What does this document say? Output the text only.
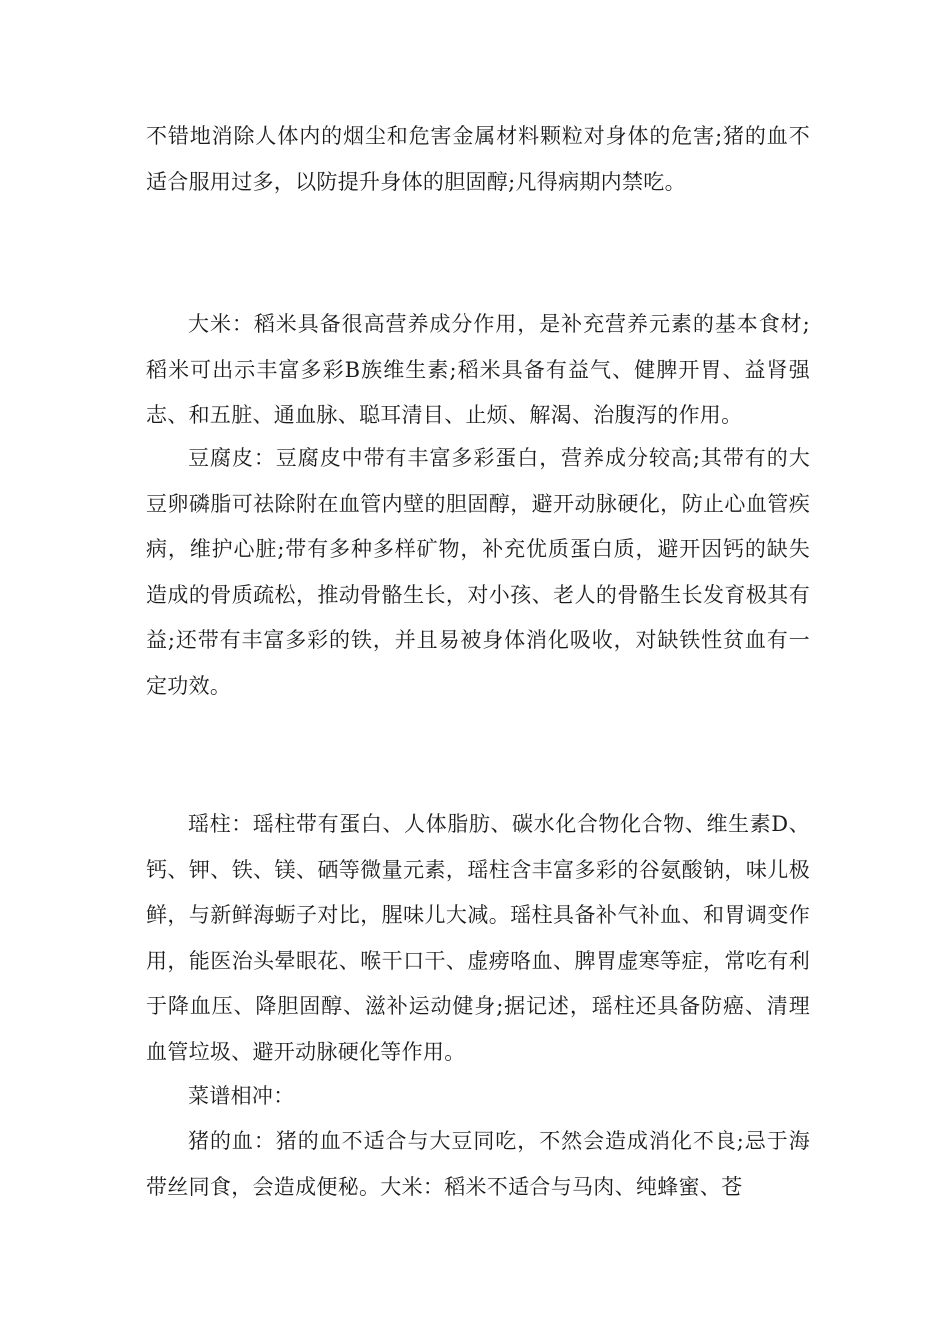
不错地消除人体内的烟尘和危害金属材料颗粒对身体的危害;猪的血不适合服用过多，以防提升身体的胆固醇;凡得病期内禁吃。

大米：稻米具备很高营养成分作用，是补充营养元素的基本食材;稻米可出示丰富多彩B族维生素;稻米具备有益气、健脾开胃、益肾强志、和五脏、通血脉、聪耳清目、止烦、解渴、治腹泻的作用。

豆腐皮：豆腐皮中带有丰富多彩蛋白，营养成分较高;其带有的大豆卵磷脂可祛除附在血管内壁的胆固醇，避开动脉硬化，防止心血管疾病，维护心脏;带有多种多样矿物，补充优质蛋白质，避开因钙的缺失造成的骨质疏松，推动骨骼生长，对小孩、老人的骨骼生长发育极其有益;还带有丰富多彩的铁，并且易被身体消化吸收，对缺铁性贫血有一定功效。

瑶柱：瑶柱带有蛋白、人体脂肪、碳水化合物化合物、维生素D、钙、钾、铁、镁、硒等微量元素，瑶柱含丰富多彩的谷氨酸钠，味儿极鲜，与新鲜海蛎子对比，腥味儿大减。瑶柱具备补气补血、和胃调变作用，能医治头晕眼花、喉干口干、虚痨咯血、脾胃虚寒等症，常吃有利于降血压、降胆固醇、滋补运动健身;据记述，瑶柱还具备防癌、清理血管垃圾、避开动脉硬化等作用。

菜谱相冲：

猪的血：猪的血不适合与大豆同吃，不然会造成消化不良;忌于海带丝同食，会造成便秘。大米：稻米不适合与马肉、纯蜂蜜、苍
